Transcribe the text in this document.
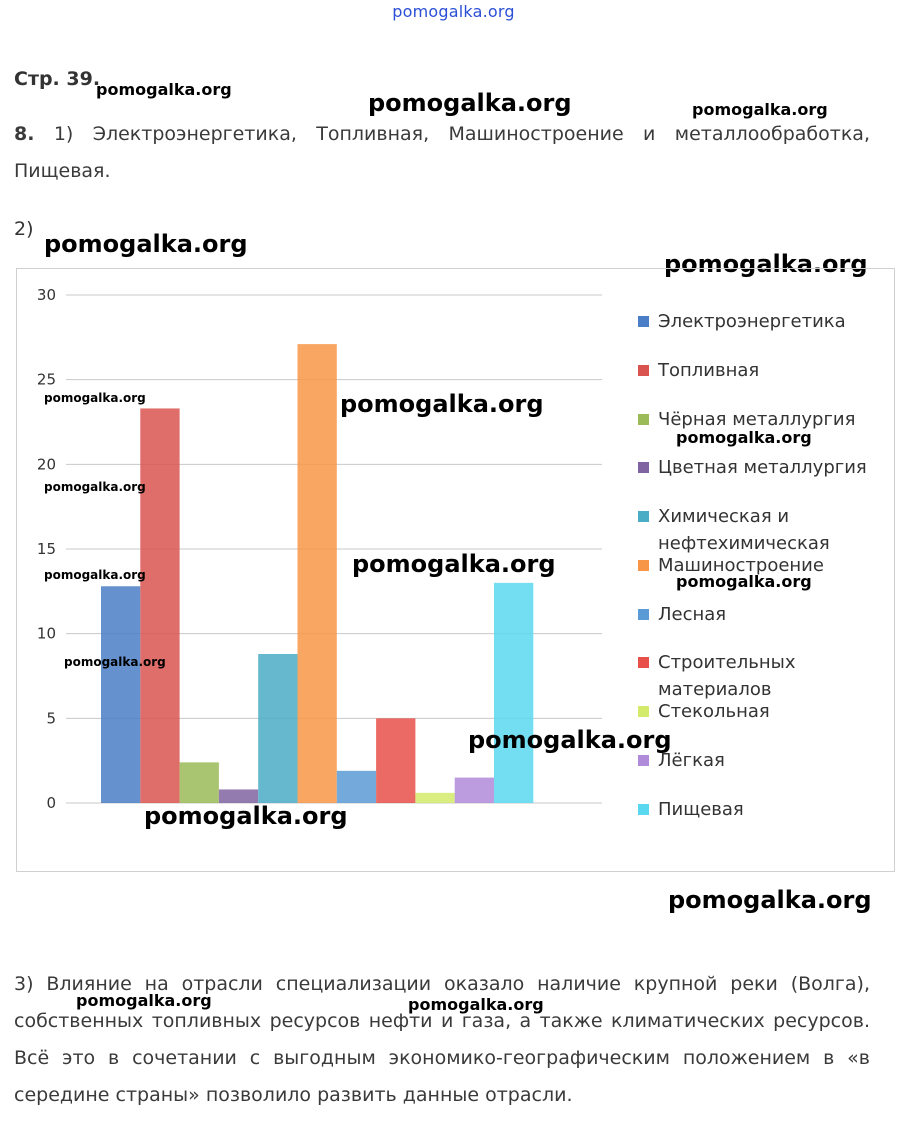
pomogalka.org
Стр. 39.
pomogalka.org	pomogalka.org	pomogalka.org
8. 1) Электроэнергетика, Топливная, Машиностроение и металлообработка, Пищевая.
2)
pomogalka.org
pomogalka.org
0
5
10
15
20
25
30
Электроэнергетика
Топливная
Чёрная металлургия
Цветная металлургия
Химическая и нефтехимическая
Машиностроение
Лесная
Строительных материалов
Стекольная
Лёгкая
Пищевая
pomogalka.org	pomogalka.org
pomogalka.org
pomogalka.org
pomogalka.org	pomogalka.org
pomogalka.org
pomogalka.org
pomogalka.org
pomogalka.org
pomogalka.org
3) Влияние на отрасли специализации оказало наличие крупной реки (Волга), собственных топливных ресурсов нефти и газа, а также климатических ресурсов. Всё это в сочетании с выгодным экономико-географическим положением в «в середине страны» позволило развить данные отрасли.
pomogalka.org	pomogalka.org
